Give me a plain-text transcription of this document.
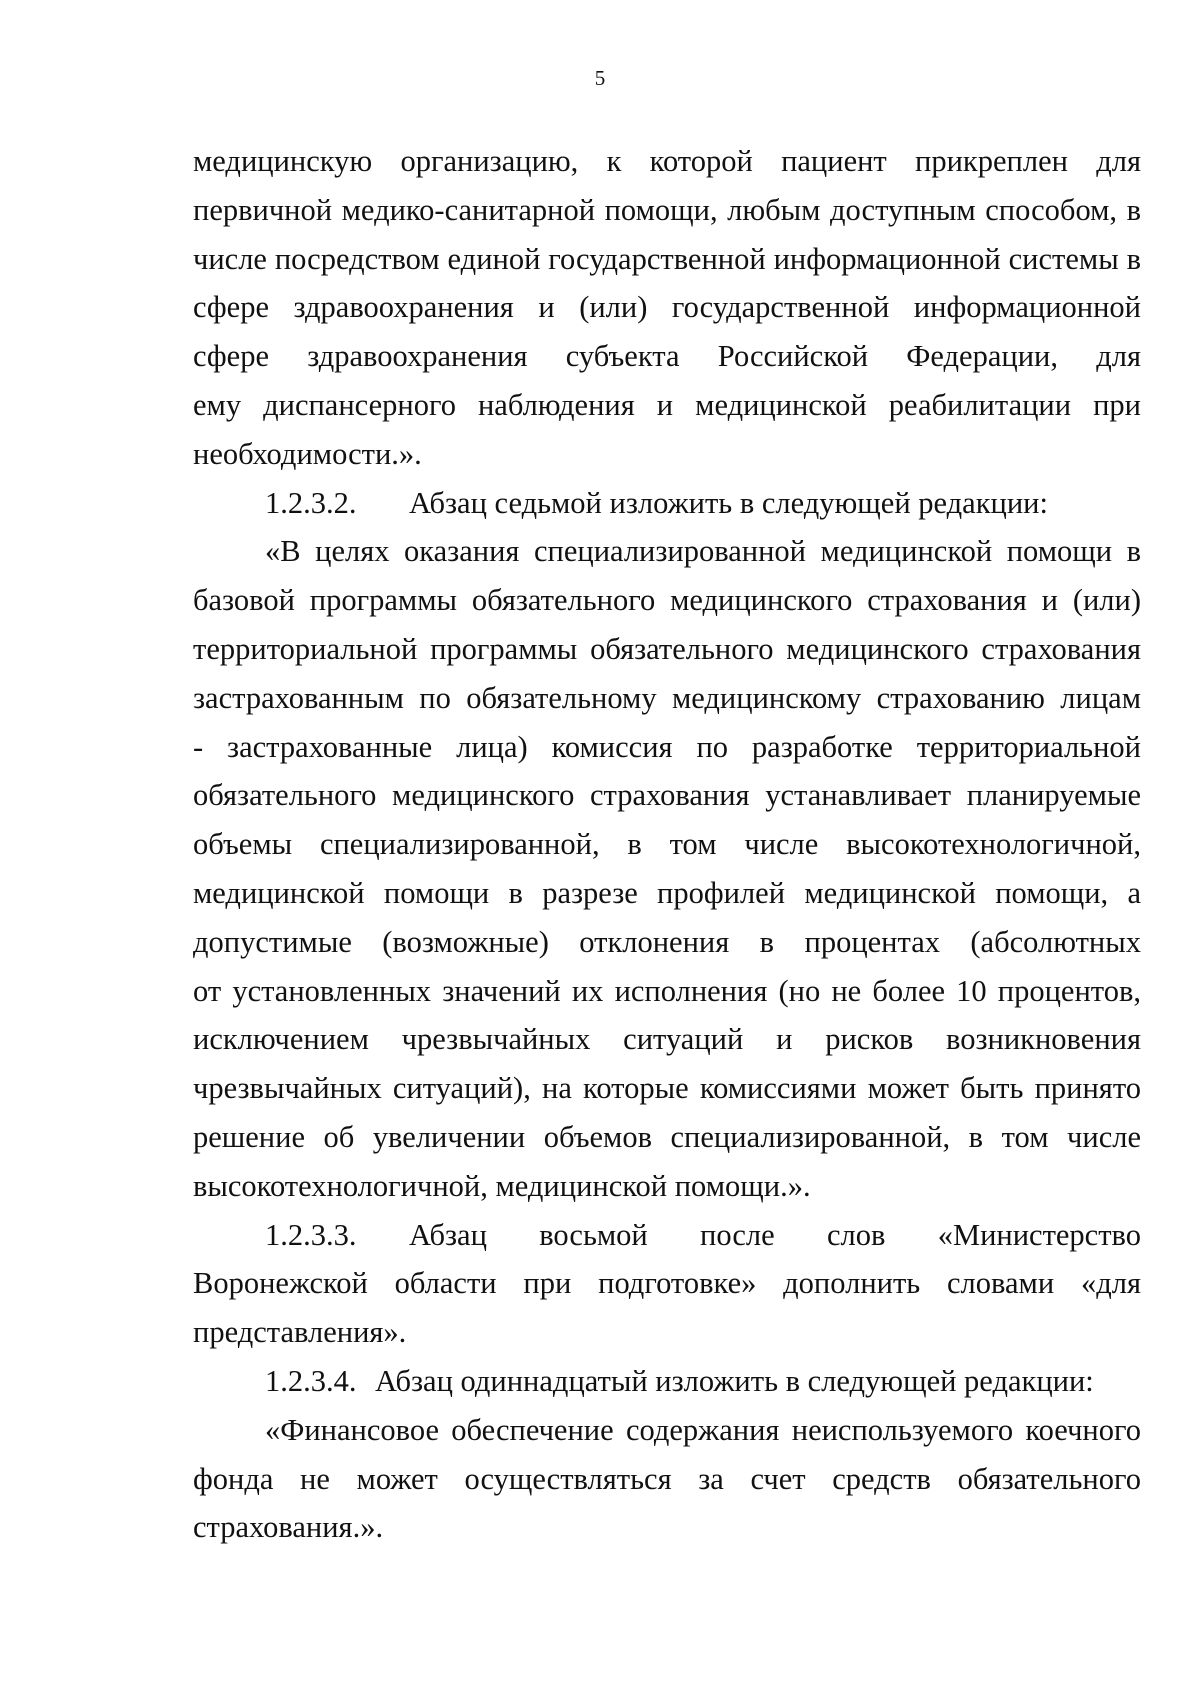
5
медицинскую организацию, к которой пациент прикреплен для
первичной медико-санитарной помощи, любым доступным способом, в
числе посредством единой государственной информационной системы в
сфере здравоохранения и (или) государственной информационной
сфере здравоохранения субъекта Российской Федерации, для
ему диспансерного наблюдения и медицинской реабилитации при
необходимости.».
1.2.3.2. Абзац седьмой изложить в следующей редакции:
«В целях оказания специализированной медицинской помощи в
базовой программы обязательного медицинского страхования и (или)
территориальной программы обязательного медицинского страхования
застрахованным по обязательному медицинскому страхованию лицам
- застрахованные лица) комиссия по разработке территориальной
обязательного медицинского страхования устанавливает планируемые
объемы специализированной, в том числе высокотехнологичной,
медицинской помощи в разрезе профилей медицинской помощи, а
допустимые (возможные) отклонения в процентах (абсолютных
от установленных значений их исполнения (но не более 10 процентов,
исключением чрезвычайных ситуаций и рисков возникновения
чрезвычайных ситуаций), на которые комиссиями может быть принято
решение об увеличении объемов специализированной, в том числе
высокотехнологичной, медицинской помощи.».
1.2.3.3. Абзац восьмой после слов «Министерство
Воронежской области при подготовке» дополнить словами «для
представления».
1.2.3.4. Абзац одиннадцатый изложить в следующей редакции:
«Финансовое обеспечение содержания неиспользуемого коечного
фонда не может осуществляться за счет средств обязательного
страхования.».
